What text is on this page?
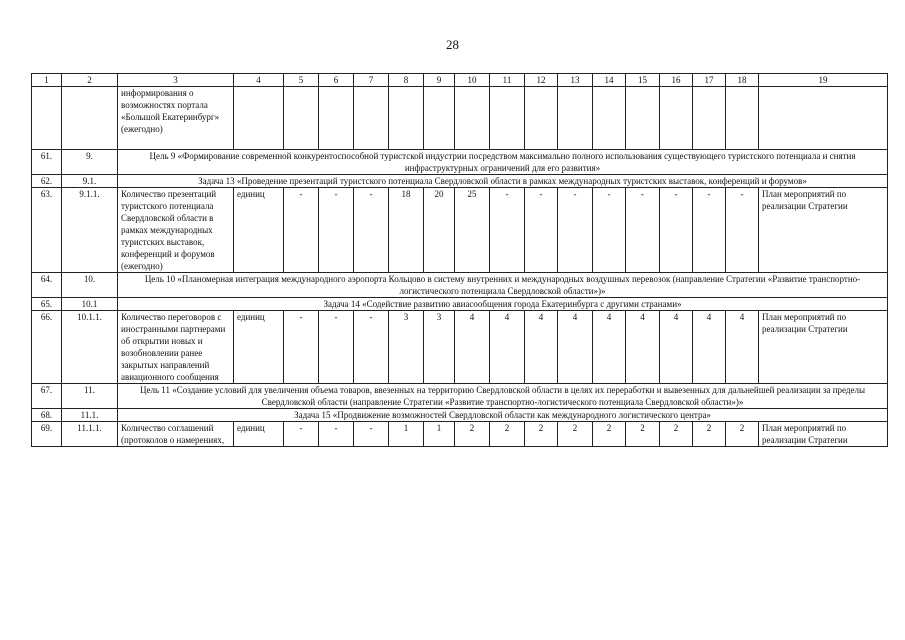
28
1	2	3	4	5	6	7	8	9	10	11	12	13	14	15	16	17	18	19
		информирования о возможностях портала «Большой Екатеринбург» (ежегодно)																
61.	9.	Цель 9 «Формирование современной конкурентоспособной туристской индустрии посредством максимально полного использования существующего туристского потенциала и снятия инфраструктурных ограничений для его развития»																
62.	9.1.	Задача 13 «Проведение презентаций туристского потенциала Свердловской области в рамках международных туристских выставок, конференций и форумов»																
63.	9.1.1.	Количество презентаций туристского потенциала Свердловской области в рамках международных туристских выставок, конференций и форумов (ежегодно)	единиц	-	-	-	18	20	25	-	-	-	-	-	-	-	-	План мероприятий по реализации Стратегии
64.	10.	Цель 10 «Планомерная интеграция международного аэропорта Кольцово в систему внутренних и международных воздушных перевозок (направление Стратегии «Развитие транспортно-логистического потенциала Свердловской области»)»																
65.	10.1	Задача 14 «Содействие развитию авиасообщения города Екатеринбурга с другими странами»																
66.	10.1.1.	Количество переговоров с иностранными партнерами об открытии новых и возобновлении ранее закрытых направлений авиационного сообщения	единиц	-	-	-	3	3	4	4	4	4	4	4	4	4	4	План мероприятий по реализации Стратегии
67.	11.	Цель 11 «Создание условий для увеличения объема товаров, ввезенных на территорию Свердловской области в целях их переработки и вывезенных для дальнейшей реализации за пределы Свердловской области (направление Стратегии «Развитие транспортно-логистического потенциала Свердловской области»)»																
68.	11.1.	Задача 15 «Продвижение возможностей Свердловской области как международного логистического центра»																
69.	11.1.1.	Количество соглашений (протоколов о намерениях,	единиц	-	-	-	1	1	2	2	2	2	2	2	2	2	2	План мероприятий по реализации Стратегии
